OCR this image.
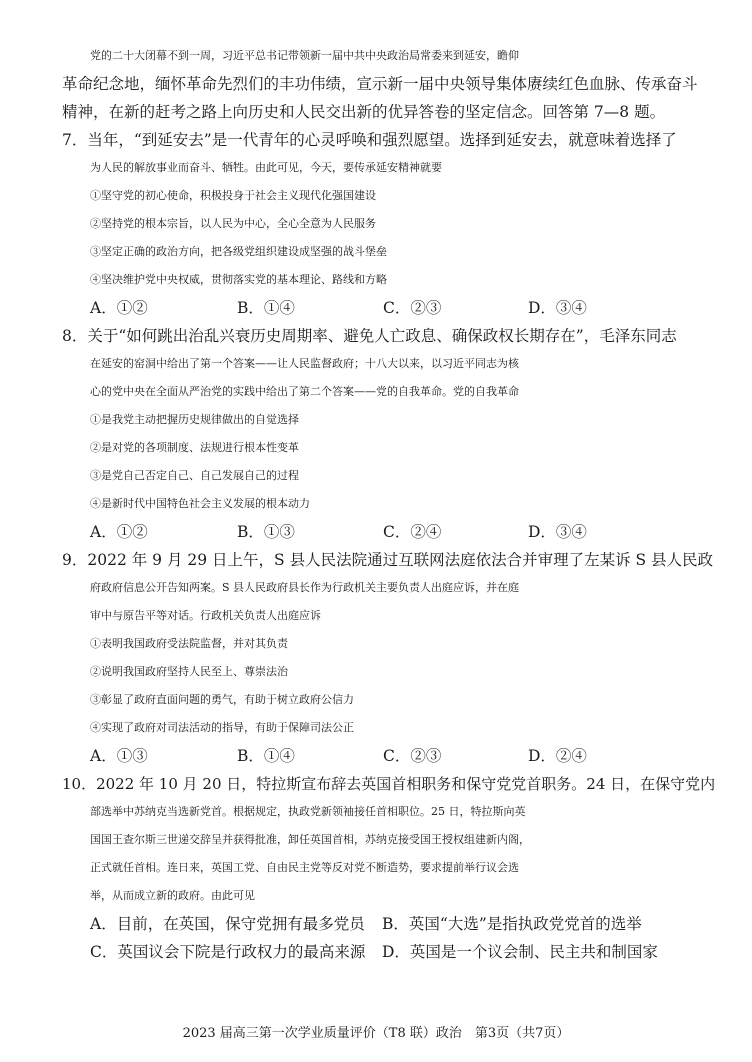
党的二十大闭幕不到一周，习近平总书记带领新一届中共中央政治局常委来到延安，瞻仰
革命纪念地，缅怀革命先烈们的丰功伟绩，宣示新一届中央领导集体赓续红色血脉、传承奋斗
精神，在新的赶考之路上向历史和人民交出新的优异答卷的坚定信念。回答第 7—8 题。
7．当年，“到延安去”是一代青年的心灵呼唤和强烈愿望。选择到延安去，就意味着选择了
为人民的解放事业而奋斗、牺牲。由此可见，今天，要传承延安精神就要
①坚守党的初心使命，积极投身于社会主义现代化强国建设
②坚持党的根本宗旨，以人民为中心，全心全意为人民服务
③坚定正确的政治方向，把各级党组织建设成坚强的战斗堡垒
④坚决维护党中央权威，贯彻落实党的基本理论、路线和方略
A．①②	B．①④	C．②③	D．③④
8．关于“如何跳出治乱兴衰历史周期率、避免人亡政息、确保政权长期存在”，毛泽东同志
在延安的窑洞中给出了第一个答案——让人民监督政府；十八大以来，以习近平同志为核
心的党中央在全面从严治党的实践中给出了第二个答案——党的自我革命。党的自我革命
①是我党主动把握历史规律做出的自觉选择
②是对党的各项制度、法规进行根本性变革
③是党自己否定自己、自己发展自己的过程
④是新时代中国特色社会主义发展的根本动力
A．①②	B．①③	C．②④	D．③④
9．2022 年 9 月 29 日上午，S 县人民法院通过互联网法庭依法合并审理了左某诉 S 县人民政
府政府信息公开告知两案。S 县人民政府县长作为行政机关主要负责人出庭应诉，并在庭
审中与原告平等对话。行政机关负责人出庭应诉
①表明我国政府受法院监督，并对其负责
②说明我国政府坚持人民至上、尊崇法治
③彰显了政府直面问题的勇气，有助于树立政府公信力
④实现了政府对司法活动的指导，有助于保障司法公正
A．①③	B．①④	C．②③	D．②④
10．2022 年 10 月 20 日，特拉斯宣布辞去英国首相职务和保守党党首职务。24 日，在保守党内
部选举中苏纳克当选新党首。根据规定，执政党新领袖接任首相职位。25 日，特拉斯向英
国国王查尔斯三世递交辞呈并获得批准，卸任英国首相，苏纳克接受国王授权组建新内阁，
正式就任首相。连日来，英国工党、自由民主党等反对党不断造势，要求提前举行议会选
举，从而成立新的政府。由此可见
A．目前，在英国，保守党拥有最多党员 B．英国“大选”是指执政党党首的选举
C．英国议会下院是行政权力的最高来源 D．英国是一个议会制、民主共和制国家
2023 届高三第一次学业质量评价（T8 联）政治　第3页（共7页）
